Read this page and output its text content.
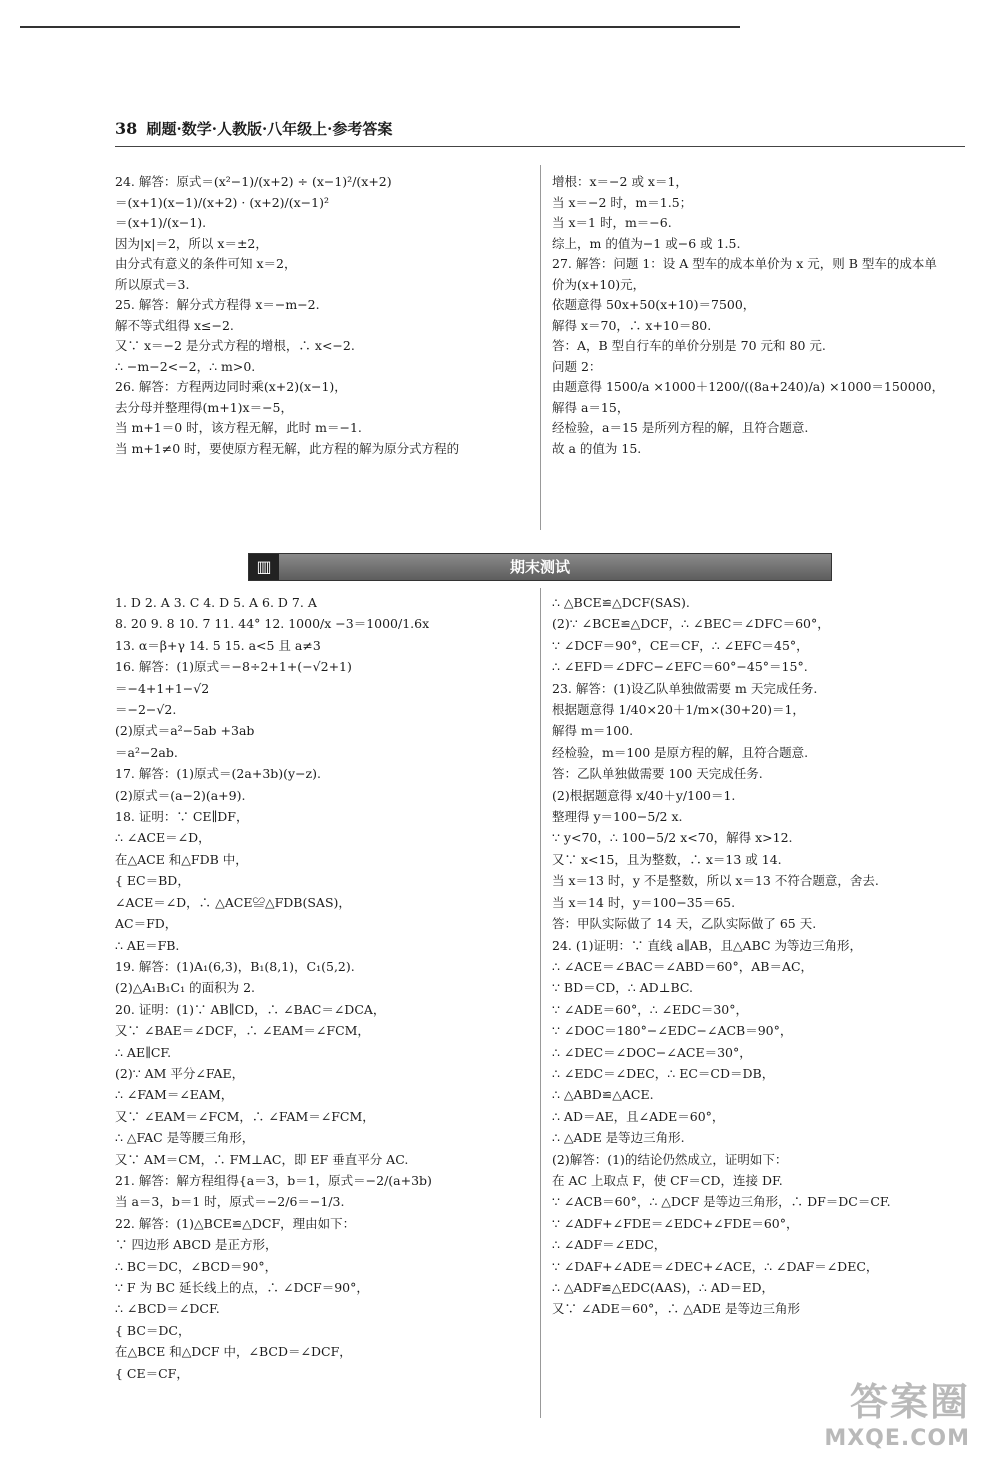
38 刷题·数学·人教版·八年级上·参考答案
24. 解答：原式＝(x²−1)/(x+2) ÷ (x−1)²/(x+2)
＝(x+1)(x−1)/(x+2) · (x+2)/(x−1)²
＝(x+1)/(x−1).
因为|x|＝2，所以 x＝±2，
由分式有意义的条件可知 x＝2，
所以原式＝3.
25. 解答：解分式方程得 x＝−m−2.
解不等式组得 x≤−2.
又∵ x＝−2 是分式方程的增根，∴ x<−2.
∴ −m−2<−2，∴ m>0.
26. 解答：方程两边同时乘(x+2)(x−1)，
去分母并整理得(m+1)x＝−5，
当 m+1＝0 时，该方程无解，此时 m＝−1.
当 m+1≠0 时，要使原方程无解，此方程的解为原分式方程的
增根：x＝−2 或 x＝1，
当 x＝−2 时，m＝1.5；
当 x＝1 时，m＝−6.
综上，m 的值为−1 或−6 或 1.5.
27. 解答：问题 1：设 A 型车的成本单价为 x 元，则 B 型车的成本单
价为(x+10)元，
依题意得 50x+50(x+10)＝7500，
解得 x＝70，∴ x+10＝80.
答：A，B 型自行车的单价分别是 70 元和 80 元.
问题 2：
由题意得 1500/a ×1000＋1200/((8a+240)/a) ×1000＝150000，
解得 a＝15，
经检验，a＝15 是所列方程的解，且符合题意.
故 a 的值为 15.
▥	期末测试
1. D 2. A 3. C 4. D 5. A 6. D 7. A
8. 20 9. 8 10. 7 11. 44° 12. 1000/x −3＝1000/1.6x
13. α＝β+γ 14. 5 15. a<5 且 a≠3
16. 解答：(1)原式＝−8÷2+1+(−√2+1)
＝−4+1+1−√2
＝−2−√2.
(2)原式＝a²−5ab +3ab
＝a²−2ab.
17. 解答：(1)原式＝(2a+3b)(y−z).
(2)原式＝(a−2)(a+9).
18. 证明：∵ CE∥DF，
∴ ∠ACE＝∠D，
在△ACE 和△FDB 中，
{ EC＝BD，
∠ACE＝∠D，∴ △ACE≌△FDB(SAS)，
AC＝FD，
∴ AE＝FB.
19. 解答：(1)A₁(6,3)，B₁(8,1)，C₁(5,2).
(2)△A₁B₁C₁ 的面积为 2.
20. 证明：(1)∵ AB∥CD，∴ ∠BAC＝∠DCA，
又∵ ∠BAE＝∠DCF，∴ ∠EAM＝∠FCM，
∴ AE∥CF.
(2)∵ AM 平分∠FAE，
∴ ∠FAM＝∠EAM，
又∵ ∠EAM＝∠FCM，∴ ∠FAM＝∠FCM，
∴ △FAC 是等腰三角形，
又∵ AM＝CM，∴ FM⊥AC，即 EF 垂直平分 AC.
21. 解答：解方程组得{a＝3，b＝1，原式＝−2/(a+3b)
当 a＝3，b＝1 时，原式＝−2/6＝−1/3.
22. 解答：(1)△BCE≌△DCF，理由如下：
∵ 四边形 ABCD 是正方形，
∴ BC＝DC，∠BCD＝90°，
∵ F 为 BC 延长线上的点，∴ ∠DCF＝90°，
∴ ∠BCD＝∠DCF.
{ BC＝DC，
在△BCE 和△DCF 中，∠BCD＝∠DCF，
{ CE＝CF，
∴ △BCE≌△DCF(SAS).
(2)∵ ∠BCE≌△DCF，∴ ∠BEC＝∠DFC＝60°，
∵ ∠DCF＝90°，CE＝CF，∴ ∠EFC＝45°，
∴ ∠EFD＝∠DFC−∠EFC＝60°−45°＝15°.
23. 解答：(1)设乙队单独做需要 m 天完成任务.
根据题意得 1/40×20＋1/m×(30+20)＝1，
解得 m＝100.
经检验，m＝100 是原方程的解，且符合题意.
答：乙队单独做需要 100 天完成任务.
(2)根据题意得 x/40＋y/100＝1.
整理得 y＝100−5/2 x.
∵ y<70，∴ 100−5/2 x<70，解得 x>12.
又∵ x<15，且为整数，∴ x＝13 或 14.
当 x＝13 时，y 不是整数，所以 x＝13 不符合题意，舍去.
当 x＝14 时，y＝100−35＝65.
答：甲队实际做了 14 天，乙队实际做了 65 天.
24. (1)证明：∵ 直线 a∥AB，且△ABC 为等边三角形，
∴ ∠ACE＝∠BAC＝∠ABD＝60°，AB＝AC，
∵ BD＝CD，∴ AD⊥BC.
∵ ∠ADE＝60°，∴ ∠EDC＝30°，
∵ ∠DOC＝180°−∠EDC−∠ACB＝90°，
∴ ∠DEC＝∠DOC−∠ACE＝30°，
∴ ∠EDC＝∠DEC，∴ EC＝CD＝DB，
∴ △ABD≌△ACE.
∴ AD＝AE，且∠ADE＝60°，
∴ △ADE 是等边三角形.
(2)解答：(1)的结论仍然成立，证明如下：
在 AC 上取点 F，使 CF＝CD，连接 DF.
∵ ∠ACB＝60°，∴ △DCF 是等边三角形，∴ DF＝DC＝CF.
∵ ∠ADF+∠FDE＝∠EDC+∠FDE＝60°，
∴ ∠ADF＝∠EDC，
∵ ∠DAF+∠ADE＝∠DEC+∠ACE，∴ ∠DAF＝∠DEC，
∴ △ADF≌△EDC(AAS)，∴ AD＝ED，
又∵ ∠ADE＝60°，∴ △ADE 是等边三角形
答案圈
MXQE.COM
